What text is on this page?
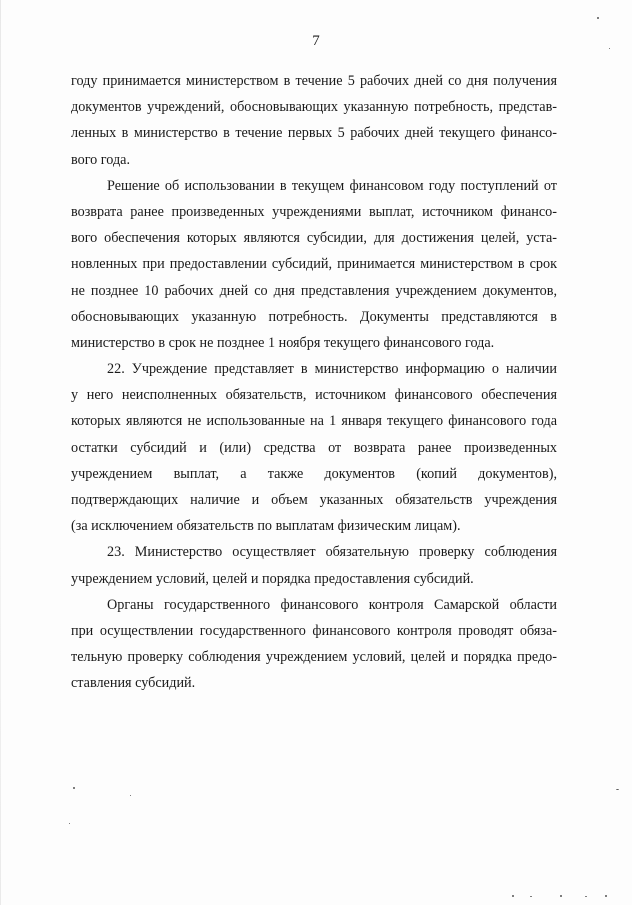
7
году принимается министерством в течение 5 рабочих дней со дня получения
документов учреждений, обосновывающих указанную потребность, представ-
ленных в министерство в течение первых 5 рабочих дней текущего финансо-
вого года.
Решение об использовании в текущем финансовом году поступлений от
возврата ранее произведенных учреждениями выплат, источником финансо-
вого обеспечения которых являются субсидии, для достижения целей, уста-
новленных при предоставлении субсидий, принимается министерством в срок
не позднее 10 рабочих дней со дня представления учреждением документов,
обосновывающих указанную потребность. Документы представляются в
министерство в срок не позднее 1 ноября текущего финансового года.
22. Учреждение представляет в министерство информацию о наличии
у него неисполненных обязательств, источником финансового обеспечения
которых являются не использованные на 1 января текущего финансового года
остатки субсидий и (или) средства от возврата ранее произведенных
учреждением выплат, а также документов (копий документов),
подтверждающих наличие и объем указанных обязательств учреждения
(за исключением обязательств по выплатам физическим лицам).
23. Министерство осуществляет обязательную проверку соблюдения
учреждением условий, целей и порядка предоставления субсидий.
Органы государственного финансового контроля Самарской области
при осуществлении государственного финансового контроля проводят обяза-
тельную проверку соблюдения учреждением условий, целей и порядка предо-
ставления субсидий.
